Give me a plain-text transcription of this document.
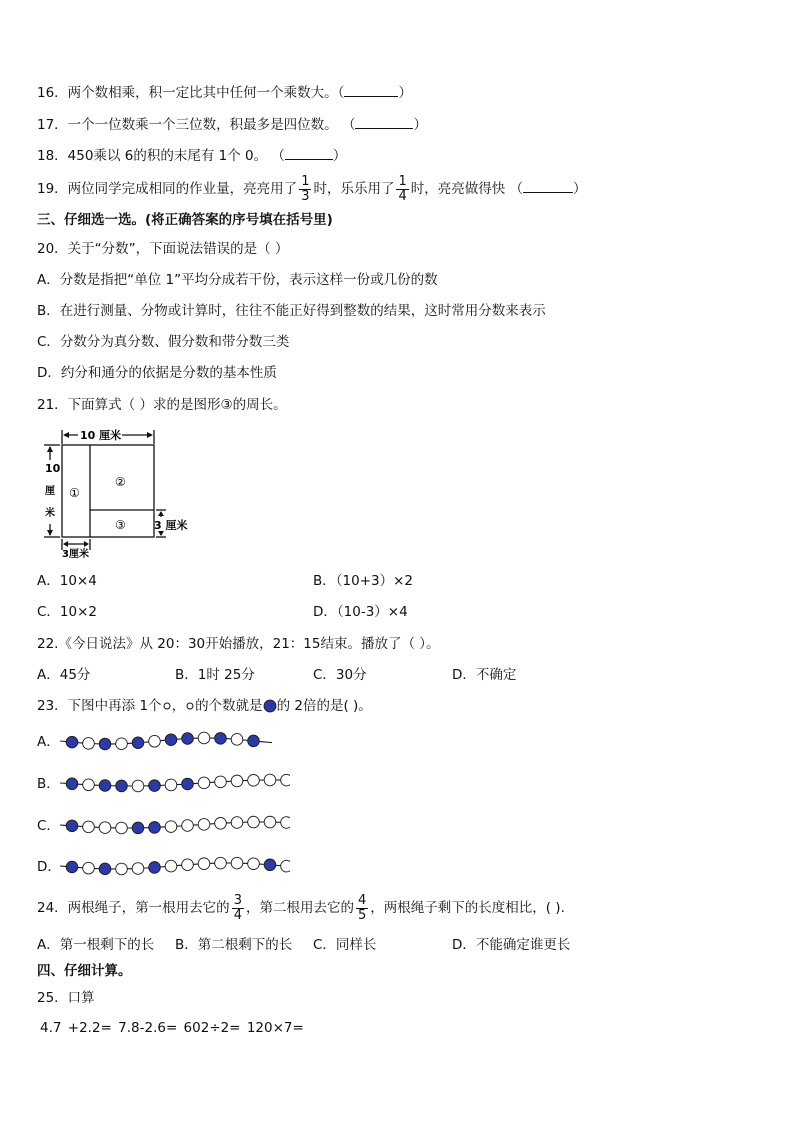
16．两个数相乘，积一定比其中任何一个乘数大。（	）
17．一个一位数乘一个三位数，积最多是四位数。 （	）
18．450乘以 6的积的末尾有 1个 0。 （	）
19．两位同学完成相同的作业量，亮亮用了 $\frac{1}{3}$ 时，乐乐用了 $\frac{1}{4}$ 时，亮亮做得快 （	）
三、仔细选一选。(将正确答案的序号填在括号里)
20．关于“分数”，下面说法错误的是（ ）
A．分数是指把“单位 1”平均分成若干份，表示这样一份或几份的数
B．在进行测量、分物或计算时，往往不能正好得到整数的结果，这时常用分数来表示
C．分数分为真分数、假分数和带分数三类
D．约分和通分的依据是分数的基本性质
21．下面算式（ ）求的是图形③的周长。
10 厘米
10
厘
米
①
②
③	3 厘米
3厘米
A．10×4	B．（10+3）×2
C．10×2	D．（10-3）×4
22.《今日说法》从 20：30开始播放，21：15结束。播放了（ ）。
A．45分	B．1时 25分	C．30分	D．不确定
23．下图中再添 1个 ， 的个数就是 的 2倍的是( )。
A．
B．
C．
D．
24．两根绳子，第一根用去它的 $\frac{3}{4}$ ，第二根用去它的 $\frac{4}{5}$ ，两根绳子剩下的长度相比，( ).
A．第一根剩下的长 B．第二根剩下的长 C．同样长	D．不能确定谁更长
四、仔细计算。
25．口算
4.7 +2.2= 7.8-2.6= 602÷2= 120×7=
